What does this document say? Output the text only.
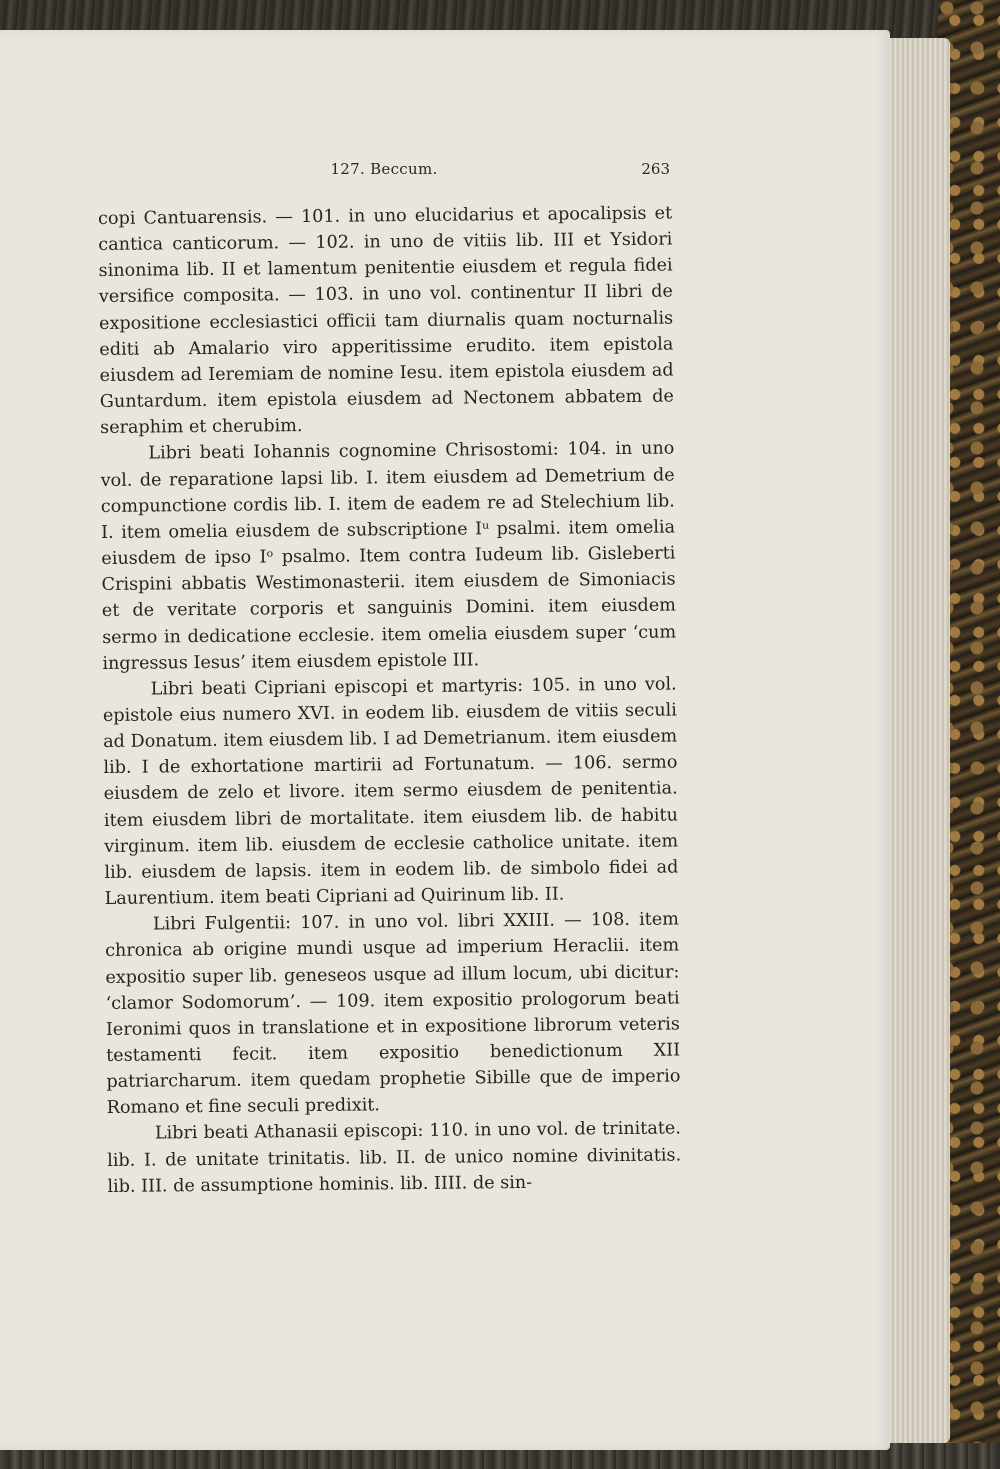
127. Beccum.	263

copi Cantuarensis. — 101. in uno elucidarius et apocalipsis et cantica canticorum. — 102. in uno de vitiis lib. III et Ysidori sinonima lib. II et lamentum penitentie eiusdem et regula fidei versifice composita. — 103. in uno vol. continentur II libri de expositione ecclesiastici officii tam diurnalis quam nocturnalis editi ab Amalario viro apperitissime erudito. item epistola eiusdem ad Ieremiam de nomine Iesu. item epistola eiusdem ad Guntardum. item epistola eiusdem ad Nectonem abbatem de seraphim et cherubim.

Libri beati Iohannis cognomine Chrisostomi: 104. in uno vol. de reparatione lapsi lib. I. item eiusdem ad Demetrium de compunctione cordis lib. I. item de eadem re ad Stelechium lib. I. item omelia eiusdem de subscriptione Iᵘ psalmi. item omelia eiusdem de ipso Iᵒ psalmo. Item contra Iudeum lib. Gisleberti Crispini abbatis Westimonasterii. item eiusdem de Simoniacis et de veritate corporis et sanguinis Domini. item eiusdem sermo in dedicatione ecclesie. item omelia eiusdem super ‘cum ingressus Iesus’ item eiusdem epistole III.

Libri beati Cipriani episcopi et martyris: 105. in uno vol. epistole eius numero XVI. in eodem lib. eiusdem de vitiis seculi ad Donatum. item eiusdem lib. I ad Demetrianum. item eiusdem lib. I de exhortatione martirii ad Fortunatum. — 106. sermo eiusdem de zelo et livore. item sermo eiusdem de penitentia. item eiusdem libri de mortalitate. item eiusdem lib. de habitu virginum. item lib. eiusdem de ecclesie catholice unitate. item lib. eiusdem de lapsis. item in eodem lib. de simbolo fidei ad Laurentium. item beati Cipriani ad Quirinum lib. II.

Libri Fulgentii: 107. in uno vol. libri XXIII. — 108. item chronica ab origine mundi usque ad imperium Heraclii. item expositio super lib. geneseos usque ad illum locum, ubi dicitur: ‘clamor Sodomorum’. — 109. item expositio prologorum beati Ieronimi quos in translatione et in expositione librorum veteris testamenti fecit. item expositio benedictionum XII patriarcharum. item quedam prophetie Sibille que de imperio Romano et fine seculi predixit.

Libri beati Athanasii episcopi: 110. in uno vol. de trinitate. lib. I. de unitate trinitatis. lib. II. de unico nomine divinitatis. lib. III. de assumptione hominis. lib. IIII. de sin-
